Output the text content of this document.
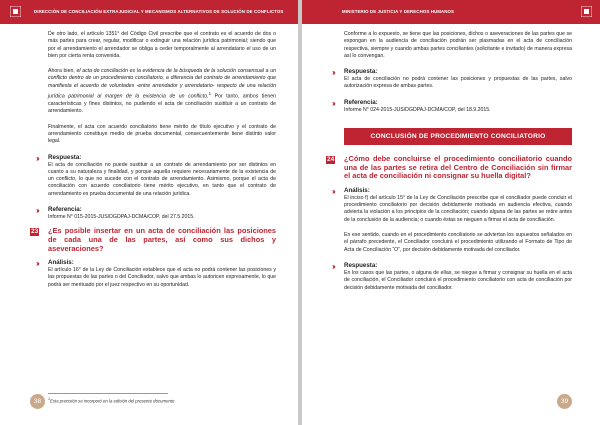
DIRECCIÓN DE CONCILIACIÓN EXTRAJUDICIAL Y MECANISMOS ALTERNATIVOS DE SOLUCIÓN DE CONFLICTOS

De otro lado, el artículo 1351° del Código Civil prescribe que el contrato es el acuerdo de dos o más partes para crear, regular, modificar o extinguir una relación jurídica patrimonial; siendo que por el arrendamiento el arrendador se obliga a ceder temporalmente al arrendatario el uso de un bien por cierta renta convenida.

Ahora bien, el acta de conciliación es la evidencia de la búsqueda de la solución consensual a un conflicto dentro de un procedimiento conciliatorio, a diferencia del contrato de arrendamiento que manifiesta el acuerdo de voluntades -entre arrendador y arrendatario- respecto de una relación jurídica patrimonial al margen de la existencia de un conflicto.$^1$ Por tanto, ambos tienen características y fines distintos, no pudiendo el acta de conciliación sustituir a un contrato de arrendamiento.

Finalmente, el acta con acuerdo conciliatorio tiene mérito de título ejecutivo y el contrato de arrendamiento constituye medio de prueba documental, consecuentemente tiene distinto valor legal.

›› Respuesta:

El acta de conciliación no puede sustituir a un contrato de arrendamiento por ser distintos en cuanto a su naturaleza y finalidad, y porque aquella requiere necesariamente de la existencia de un conflicto, lo que no sucede con el contrato de arrendamiento. Asimismo, porque el acta de conciliación con acuerdo conciliatorio tiene mérito ejecutivo, en tanto que el contrato de arrendamiento es prueba documental de una relación jurídica.

›› Referencia:

Informe N° 015-2015-JUS/DGDPAJ-DCMA/COP, del 27.5.2015.

23 ¿Es posible insertar en un acta de conciliación las posiciones de cada una de las partes, así como sus dichos y aseveraciones?
›› Análisis:

El artículo 16° de la Ley de Conciliación establece que el acta no podrá contener las posiciones y las propuestas de las partes o del Conciliador, salvo que ambas lo autoricen expresamente, lo que podrá ser merituado por el juez respectivo en su oportunidad.

$^1$Esta precisión se incorporó en la edición del presente documento
38
MINISTERIO DE JUSTICIA Y DERECHOS HUMANOS

Conforme a lo expuesto, se tiene que las posiciones, dichos o aseveraciones de las partes que se expongan en la audiencia de conciliación podrán ser plasmadas en el acta de conciliación respectiva, siempre y cuando ambas partes conciliantes (solicitante e invitado) de manera expresa así lo convengan.

›› Respuesta:

El acta de conciliación no podrá contener las posiciones y propuestas de las partes, salvo autorización expresa de ambas partes.

›› Referencia:

Informe N° 024-2015-JUS/DGDPAJ-DCMA/COP, del 18.9.2015.

CONCLUSIÓN DE PROCEDIMIENTO CONCILIATORIO
24 ¿Cómo debe concluirse el procedimiento conciliatorio cuando una de las partes se retira del Centro de Conciliación sin firmar el acta de conciliación ni consignar su huella digital?
›› Análisis:

El inciso f) del artículo 15° de la Ley de Conciliación prescribe que el conciliador puede concluir el procedimiento conciliatorio por decisión debidamente motivada en audiencia efectiva, cuando advierta la violación a los principios de la conciliación; cuando alguna de las partes se retire antes de la conclusión de la audiencia; o cuando éstas se nieguen a firmar el acta de conciliación.

En ese sentido, cuando en el procedimiento conciliatorio se adviertan los supuestos señalados en el párrafo precedente, el Conciliador concluirá el procedimiento utilizando el Formato de Tipo de Acta de Conciliación “O”, por decisión debidamente motivada del conciliador.

›› Respuesta:

En los casos que las partes, o alguna de ellas, se niegue a firmar y consignar su huella en el acta de conciliación, el Conciliador concluirá el procedimiento conciliatorio con acta de conciliación por decisión debidamente motivada del conciliador.

39
